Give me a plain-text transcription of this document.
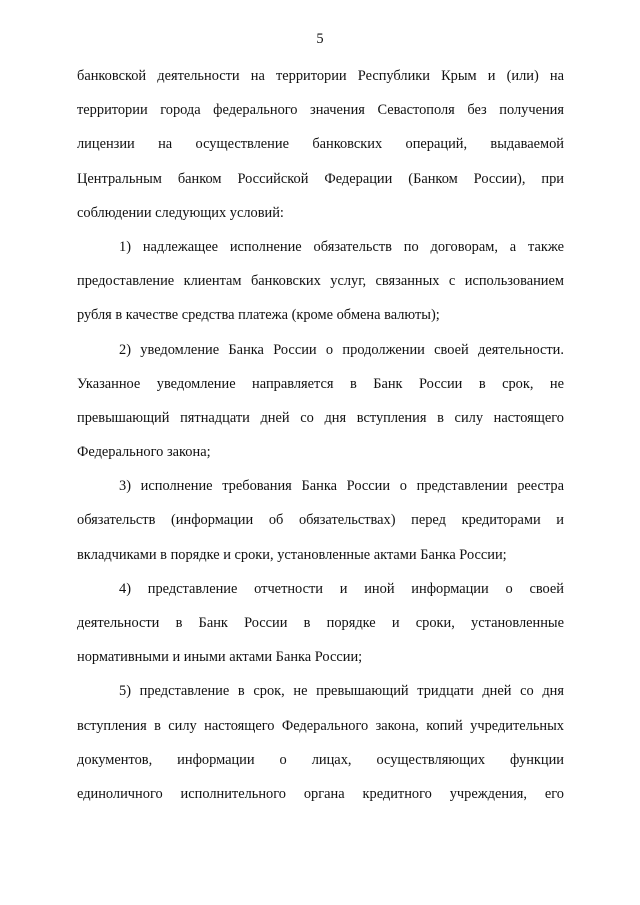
5
банковской деятельности на территории Республики Крым и (или) на
территории города федерального значения Севастополя без получения
лицензии на осуществление банковских операций, выдаваемой
Центральным банком Российской Федерации (Банком России), при
соблюдении следующих условий:
1) надлежащее исполнение обязательств по договорам, а также
предоставление клиентам банковских услуг, связанных с использованием
рубля в качестве средства платежа (кроме обмена валюты);
2) уведомление Банка России о продолжении своей деятельности.
Указанное уведомление направляется в Банк России в срок, не
превышающий пятнадцати дней со дня вступления в силу настоящего
Федерального закона;
3) исполнение требования Банка России о представлении реестра
обязательств (информации об обязательствах) перед кредиторами и
вкладчиками в порядке и сроки, установленные актами Банка России;
4) представление отчетности и иной информации о своей
деятельности в Банк России в порядке и сроки, установленные
нормативными и иными актами Банка России;
5) представление в срок, не превышающий тридцати дней со дня
вступления в силу настоящего Федерального закона, копий учредительных
документов, информации о лицах, осуществляющих функции
единоличного исполнительного органа кредитного учреждения, его
